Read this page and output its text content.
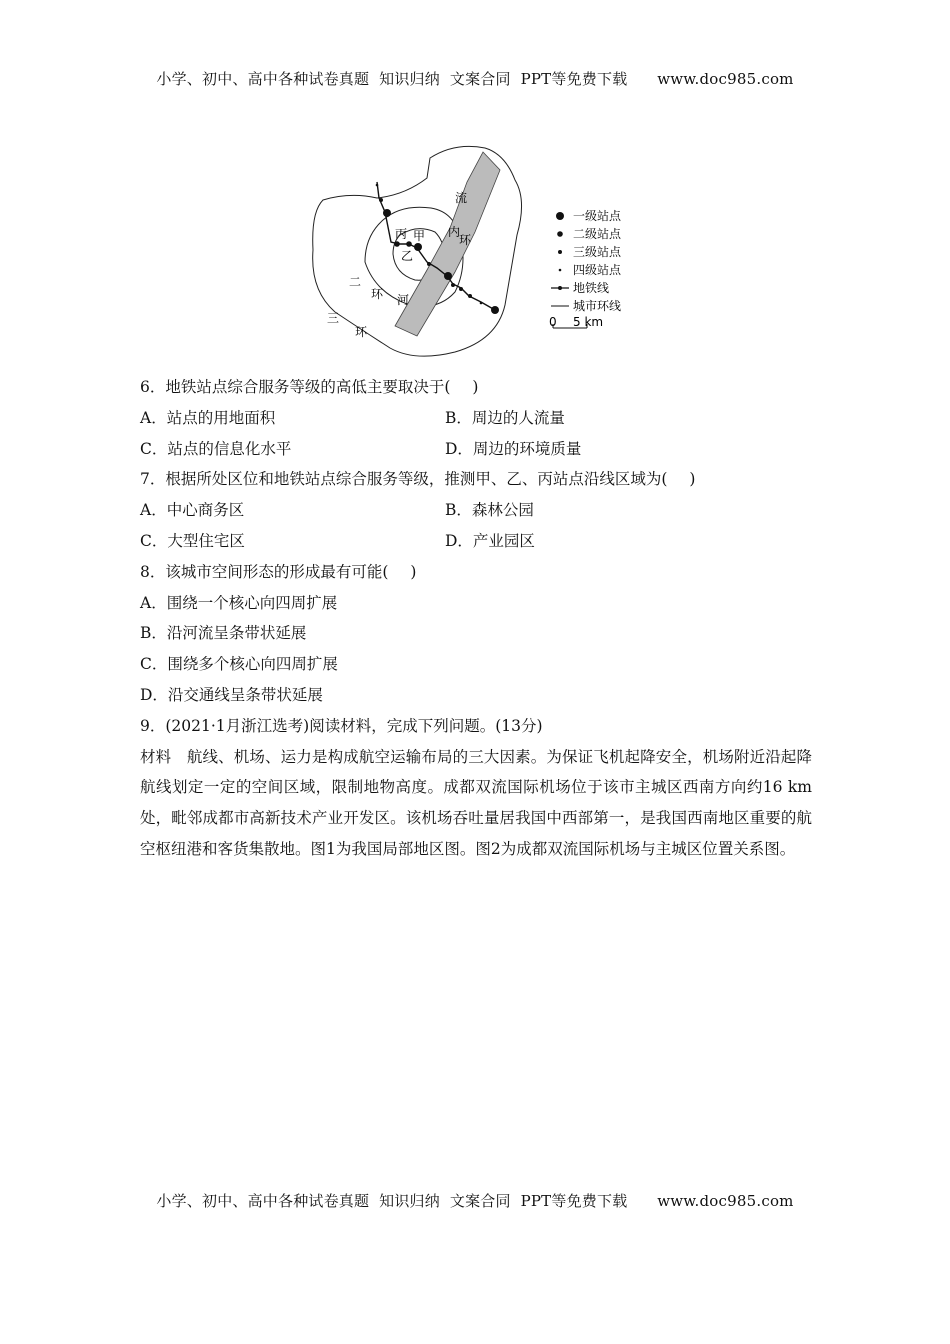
小学、初中、高中各种试卷真题  知识归纳  文案合同  PPT等免费下载      www.doc985.com
流
河
内
环
二
环
三
环
丙 甲
乙
一级站点
二级站点
三级站点
四级站点
地铁线
城市环线
0 5 km
6．地铁站点综合服务等级的高低主要取决于( )
A．站点的用地面积	B．周边的人流量
C．站点的信息化水平	D．周边的环境质量
7．根据所处区位和地铁站点综合服务等级，推测甲、乙、丙站点沿线区域为( )
A．中心商务区	B．森林公园
C．大型住宅区	D．产业园区
8．该城市空间形态的形成最有可能( )
A．围绕一个核心向四周扩展
B．沿河流呈条带状延展
C．围绕多个核心向四周扩展
D．沿交通线呈条带状延展
9．(2021·1月浙江选考)阅读材料，完成下列问题。(13分)
材料　航线、机场、运力是构成航空运输布局的三大因素。为保证飞机起降安全，机场附近沿起降航线划定一定的空间区域，限制地物高度。成都双流国际机场位于该市主城区西南方向约16 km处，毗邻成都市高新技术产业开发区。该机场吞吐量居我国中西部第一，是我国西南地区重要的航空枢纽港和客货集散地。图1为我国局部地区图。图2为成都双流国际机场与主城区位置关系图。
小学、初中、高中各种试卷真题  知识归纳  文案合同  PPT等免费下载      www.doc985.com
